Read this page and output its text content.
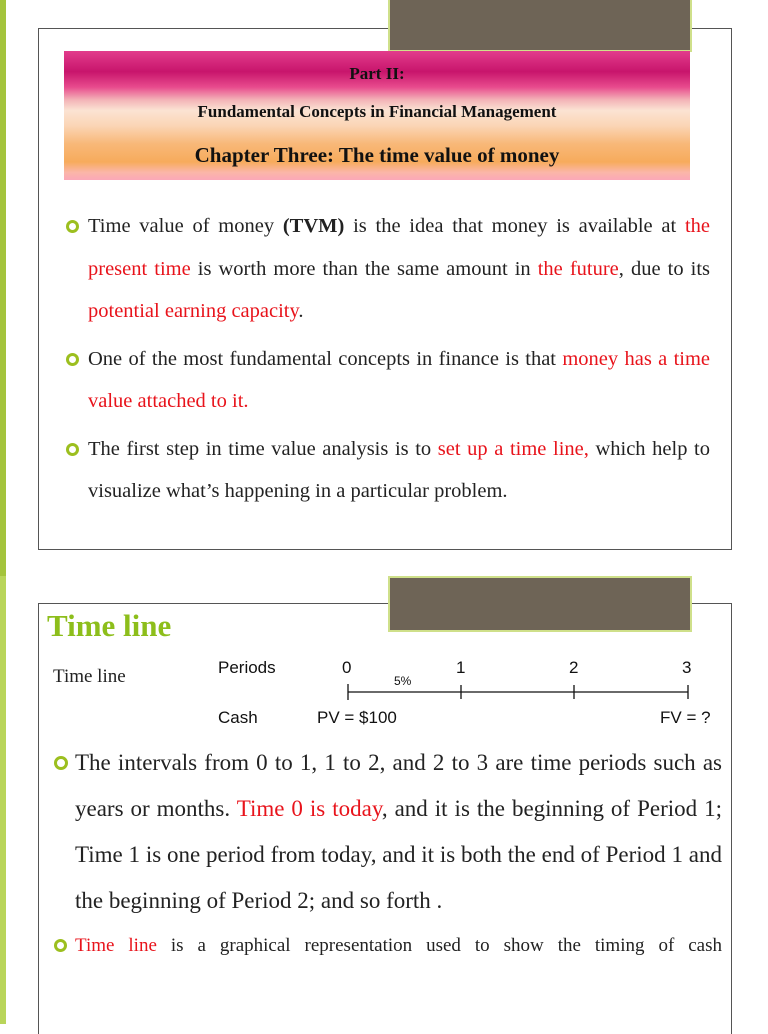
Part II:
Fundamental Concepts in Financial Management
Chapter Three: The time value of money
Time value of money (TVM) is the idea that money is available at the present time is worth more than the same amount in the future, due to its potential earning capacity.
One of the most fundamental concepts in finance is that money has a time value attached to it.
The first step in time value analysis is to set up a time line, which help to visualize what’s happening in a particular problem.
Time line
Time line	Periods	0	1	2	3
5%
Cash	PV = $100	FV = ?
The intervals from 0 to 1, 1 to 2, and 2 to 3 are time periods such as years or months. Time 0 is today, and it is the beginning of Period 1; Time 1 is one period from today, and it is both the end of Period 1 and the beginning of Period 2; and so forth .
Time line is a graphical representation used to show the timing of cash
